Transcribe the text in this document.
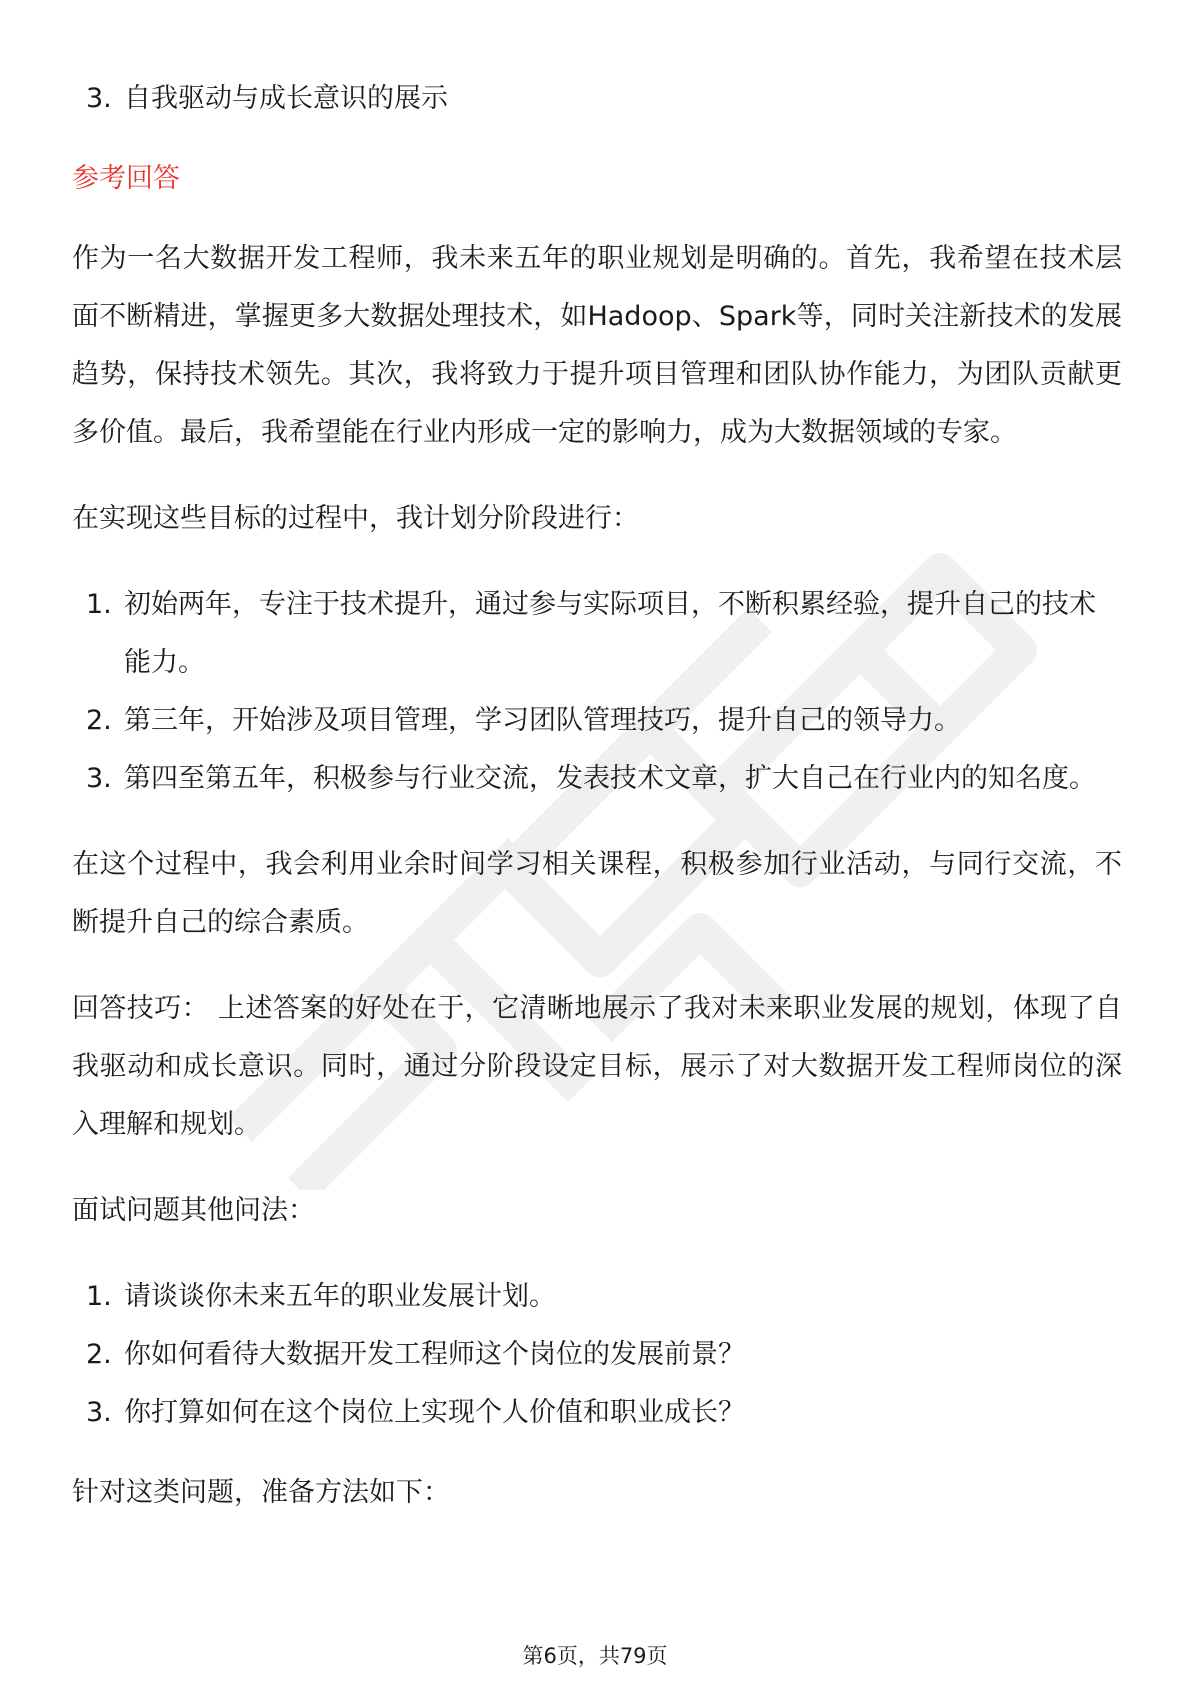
3. 自我驱动与成长意识的展示
参考回答

作为一名大数据开发工程师，我未来五年的职业规划是明确的。首先，我希望在技术层面不断精进，掌握更多大数据处理技术，如Hadoop、Spark等，同时关注新技术的发展趋势，保持技术领先。其次，我将致力于提升项目管理和团队协作能力，为团队贡献更多价值。最后，我希望能在行业内形成一定的影响力，成为大数据领域的专家。

在实现这些目标的过程中，我计划分阶段进行：

1. 初始两年，专注于技术提升，通过参与实际项目，不断积累经验，提升自己的技术能力。
2. 第三年，开始涉及项目管理，学习团队管理技巧，提升自己的领导力。
3. 第四至第五年，积极参与行业交流，发表技术文章，扩大自己在行业内的知名度。

在这个过程中，我会利用业余时间学习相关课程，积极参加行业活动，与同行交流，不断提升自己的综合素质。

回答技巧： 上述答案的好处在于，它清晰地展示了我对未来职业发展的规划，体现了自我驱动和成长意识。同时，通过分阶段设定目标，展示了对大数据开发工程师岗位的深入理解和规划。

面试问题其他问法：

1. 请谈谈你未来五年的职业发展计划。
2. 你如何看待大数据开发工程师这个岗位的发展前景？
3. 你打算如何在这个岗位上实现个人价值和职业成长？

针对这类问题，准备方法如下：

第6页，共79页
